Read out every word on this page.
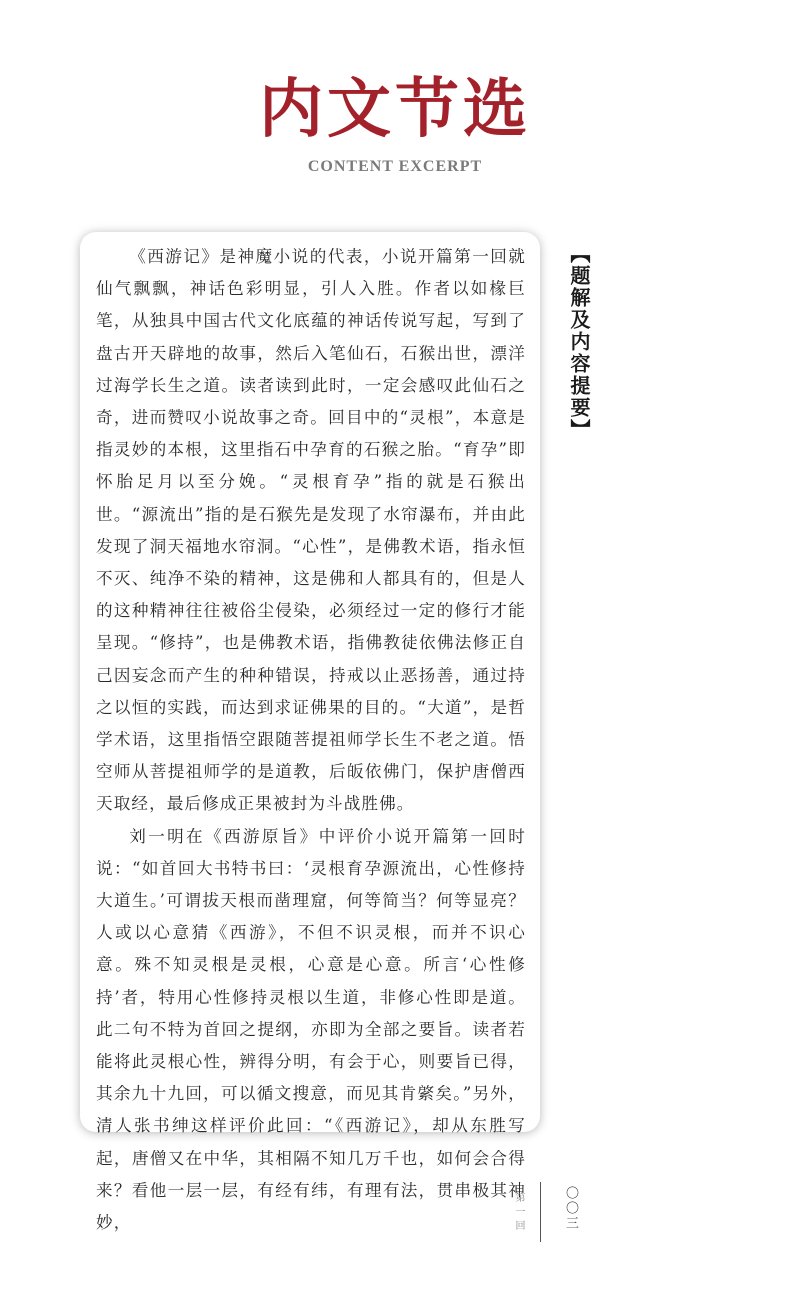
内文节选
CONTENT EXCERPT

《西游记》是神魔小说的代表，小说开篇第一回就仙气飘飘，神话色彩明显，引人入胜。作者以如椽巨笔，从独具中国古代文化底蕴的神话传说写起，写到了盘古开天辟地的故事，然后入笔仙石，石猴出世，漂洋过海学长生之道。读者读到此时，一定会感叹此仙石之奇，进而赞叹小说故事之奇。回目中的“灵根”，本意是指灵妙的本根，这里指石中孕育的石猴之胎。“育孕”即怀胎足月以至分娩。“灵根育孕”指的就是石猴出世。“源流出”指的是石猴先是发现了水帘瀑布，并由此发现了洞天福地水帘洞。“心性”，是佛教术语，指永恒不灭、纯净不染的精神，这是佛和人都具有的，但是人的这种精神往往被俗尘侵染，必须经过一定的修行才能呈现。“修持”，也是佛教术语，指佛教徒依佛法修正自己因妄念而产生的种种错误，持戒以止恶扬善，通过持之以恒的实践，而达到求证佛果的目的。“大道”，是哲学术语，这里指悟空跟随菩提祖师学长生不老之道。悟空师从菩提祖师学的是道教，后皈依佛门，保护唐僧西天取经，最后修成正果被封为斗战胜佛。

刘一明在《西游原旨》中评价小说开篇第一回时说：“如首回大书特书曰：‘灵根育孕源流出，心性修持大道生。’可谓拔天根而凿理窟，何等简当？何等显亮？人或以心意猜《西游》，不但不识灵根，而并不识心意。殊不知灵根是灵根，心意是心意。所言‘心性修持’者，特用心性修持灵根以生道，非修心性即是道。此二句不特为首回之提纲，亦即为全部之要旨。读者若能将此灵根心性，辨得分明，有会于心，则要旨已得，其余九十九回，可以循文搜意，而见其肯綮矣。”另外，清人张书绅这样评价此回：“《西游记》，却从东胜写起，唐僧又在中华，其相隔不知几万千也，如何会合得来？看他一层一层，有经有纬，有理有法，贯串极其神妙，

【题解及内容提要】
第一回	〇〇三
